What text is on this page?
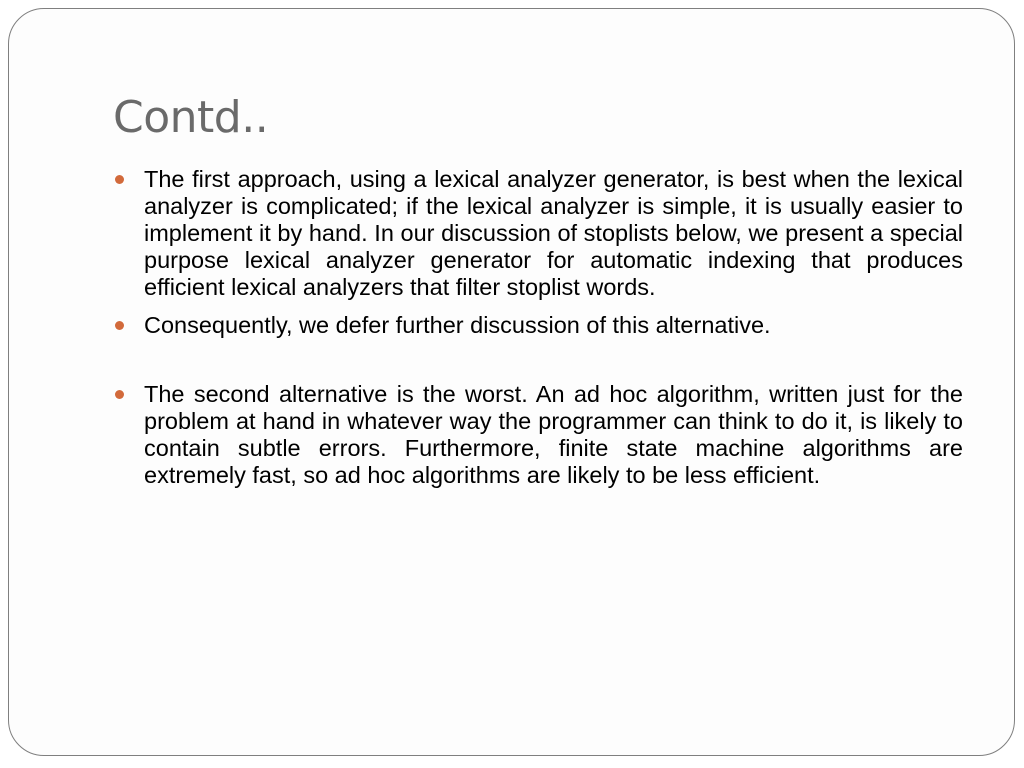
Contd..
The first approach, using a lexical analyzer generator, is best when the lexical analyzer is complicated; if the lexical analyzer is simple, it is usually easier to implement it by hand. In our discussion of stoplists below, we present a special purpose lexical analyzer generator for automatic indexing that produces efficient lexical analyzers that filter stoplist words.
Consequently, we defer further discussion of this alternative.
The second alternative is the worst. An ad hoc algorithm, written just for the problem at hand in whatever way the programmer can think to do it, is likely to contain subtle errors. Furthermore, finite state machine algorithms are extremely fast, so ad hoc algorithms are likely to be less efficient.
